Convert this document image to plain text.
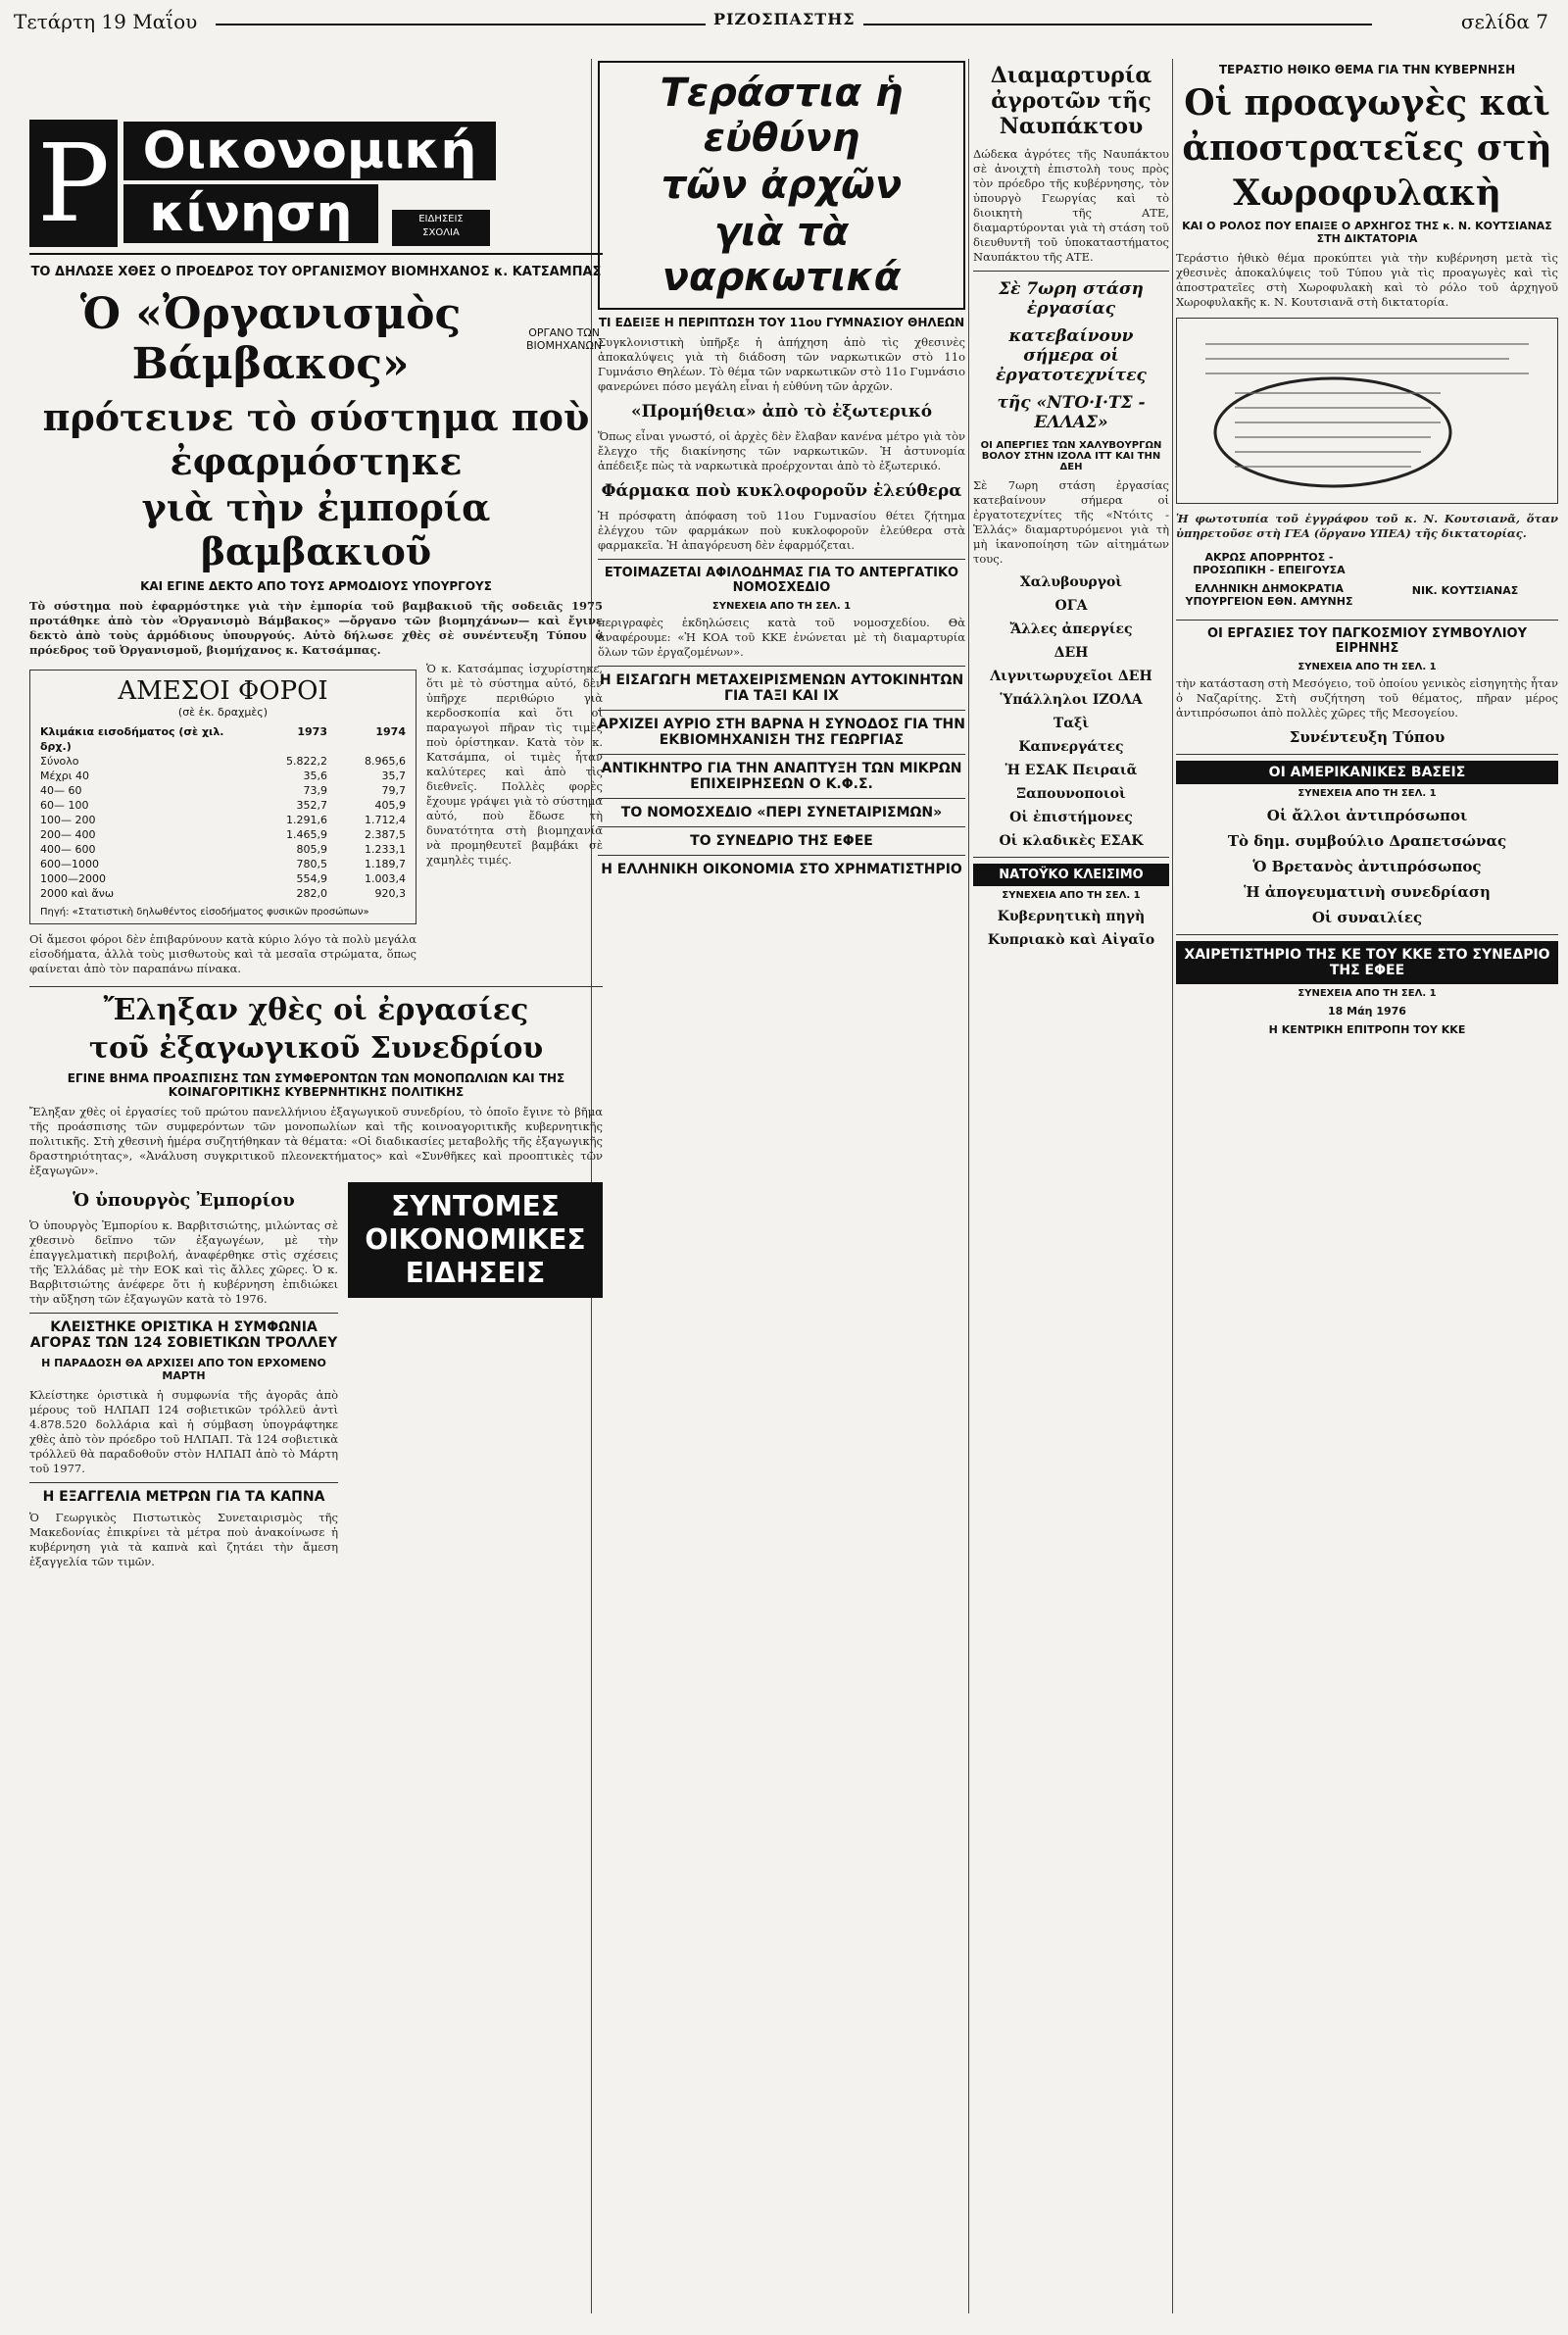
Τετάρτη 19 Μαΐου	ΡΙΖΟΣΠΑΣΤΗΣ	σελίδα 7
Ρ Οικονομική
κίνηση	ΕΙΔΗΣΕΙΣ
ΣΧΟΛΙΑ
ΤΟ ΔΗΛΩΣΕ ΧΘΕΣ Ο ΠΡΟΕΔΡΟΣ ΤΟΥ ΟΡΓΑΝΙΣΜΟΥ ΒΙΟΜΗΧΑΝΟΣ κ. ΚΑΤΣΑΜΠΑΣ
Ὁ «Ὀργανισμὸς Βάμβακος»
ΟΡΓΑΝΟ ΤΩΝ ΒΙΟΜΗΧΑΝΩΝ
πρότεινε τὸ σύστημα ποὺ ἐφαρμόστηκε
γιὰ τὴν ἐμπορία βαμβακιοῦ
ΚΑΙ ΕΓΙΝΕ ΔΕΚΤΟ ΑΠΟ ΤΟΥΣ ΑΡΜΟΔΙΟΥΣ ΥΠΟΥΡΓΟΥΣ

Τὸ σύστημα ποὺ ἐφαρμόστηκε γιὰ τὴν ἐμπορία τοῦ βαμβακιοῦ τῆς σοδειᾶς 1975 προτάθηκε ἀπὸ τὸν «Ὀργανισμὸ Βάμβακος» —ὄργανο τῶν βιομηχάνων— καὶ ἔγινε δεκτὸ ἀπὸ τοὺς ἁρμόδιους ὑπουργούς. Αὐτὸ δήλωσε χθὲς σὲ συνέντευξη Τύπου ὁ πρόεδρος τοῦ Ὀργανισμοῦ, βιομήχανος κ. Κατσάμπας.

ΑΜΕΣΟΙ ΦΟΡΟΙ
(σὲ ἑκ. δραχμὲς)
Κλιμάκια εισοδήματος (σὲ χιλ. δρχ.)
1973	1974
Σύνολο	5.822,2	8.965,6
Μέχρι 40	35,6	35,7
40— 60	73,9	79,7
60— 100	352,7	405,9
100— 200	1.291,6	1.712,4
200— 400	1.465,9	2.387,5
400— 600	805,9	1.233,1
600—1000	780,5	1.189,7
1000—2000	554,9	1.003,4
2000 καὶ ἄνω	282,0	920,3
Πηγή: «Στατιστικὴ δηλωθέντος εἰσοδήματος φυσικῶν προσώπων»

Οἱ ἄμεσοι φόροι δὲν ἐπιβαρύνουν κατὰ κύριο λόγο τὰ πολὺ μεγάλα εἰσοδήματα, ἀλλὰ τοὺς μισθωτοὺς καὶ τὰ μεσαῖα στρώματα, ὅπως φαίνεται ἀπὸ τὸν παραπάνω πίνακα.

Ὁ κ. Κατσάμπας ἰσχυρίστηκε, ὅτι μὲ τὸ σύστημα αὐτό, δὲν ὑπῆρχε περιθώριο γιὰ κερδοσκοπία καὶ ὅτι οἱ παραγωγοὶ πῆραν τὶς τιμὲς ποὺ ὁρίστηκαν. Κατὰ τὸν κ. Κατσάμπα, οἱ τιμὲς ἦταν καλύτερες καὶ ἀπὸ τὶς διεθνεῖς. Πολλὲς φορὲς ἔχουμε γράψει γιὰ τὸ σύστημα αὐτό, ποὺ ἔδωσε τὴ δυνατότητα στὴ βιομηχανία νὰ προμηθευτεῖ βαμβάκι σὲ χαμηλὲς τιμές.

Ἔληξαν χθὲς οἱ ἐργασίες
τοῦ ἐξαγωγικοῦ Συνεδρίου
ΕΓΙΝΕ ΒΗΜΑ ΠΡΟΑΣΠΙΣΗΣ ΤΩΝ ΣΥΜΦΕΡΟΝΤΩΝ ΤΩΝ ΜΟΝΟΠΩΛΙΩΝ ΚΑΙ ΤΗΣ ΚΟΙΝΑΓΟΡΙΤΙΚΗΣ ΚΥΒΕΡΝΗΤΙΚΗΣ ΠΟΛΙΤΙΚΗΣ

Ἔληξαν χθὲς οἱ ἐργασίες τοῦ πρώτου πανελλήνιου ἐξαγωγικοῦ συνεδρίου, τὸ ὁποῖο ἔγινε τὸ βῆμα τῆς προάσπισης τῶν συμφερόντων τῶν μονοπωλίων καὶ τῆς κοινοαγοριτικῆς κυβερνητικῆς πολιτικῆς. Στὴ χθεσινὴ ἡμέρα συζητήθηκαν τὰ θέματα: «Οἱ διαδικασίες μεταβολῆς τῆς ἐξαγωγικῆς δραστηριότητας», «Ἀνάλυση συγκριτικοῦ πλεονεκτήματος» καὶ «Συνθῆκες καὶ προοπτικὲς τῶν ἐξαγωγῶν».

Ὁ ὑπουργὸς Ἐμπορίου

Ὁ ὑπουργὸς Ἐμπορίου κ. Βαρβιτσιώτης, μιλώντας σὲ χθεσινὸ δεῖπνο τῶν ἐξαγωγέων, μὲ τὴν ἐπαγγελματικὴ περιβολή, ἀναφέρθηκε στὶς σχέσεις τῆς Ἑλλάδας μὲ τὴν ΕΟΚ καὶ τὶς ἄλλες χῶρες. Ὁ κ. Βαρβιτσιώτης ἀνέφερε ὅτι ἡ κυβέρνηση ἐπιδιώκει τὴν αὔξηση τῶν ἐξαγωγῶν κατὰ τὸ 1976.

ΚΛΕΙΣΤΗΚΕ ΟΡΙΣΤΙΚΑ Η ΣΥΜΦΩΝΙΑ ΑΓΟΡΑΣ ΤΩΝ 124 ΣΟΒΙΕΤΙΚΩΝ ΤΡΟΛΛΕΥ
Η ΠΑΡΑΔΟΣΗ ΘΑ ΑΡΧΙΣΕΙ ΑΠΟ ΤΟΝ ΕΡΧΟΜΕΝΟ ΜΑΡΤΗ

Κλείστηκε ὁριστικὰ ἡ συμφωνία τῆς ἀγορᾶς ἀπὸ μέρους τοῦ ΗΛΠΑΠ 124 σοβιετικῶν τρόλλεϋ ἀντὶ 4.878.520 δολλάρια καὶ ἡ σύμβαση ὑπογράφτηκε χθὲς ἀπὸ τὸν πρόεδρο τοῦ ΗΛΠΑΠ. Τὰ 124 σοβιετικὰ τρόλλεϋ θὰ παραδοθοῦν στὸν ΗΛΠΑΠ ἀπὸ τὸ Μάρτη τοῦ 1977.

Η ΕΞΑΓΓΕΛΙΑ ΜΕΤΡΩΝ ΓΙΑ ΤΑ ΚΑΠΝΑ

Ὁ Γεωργικὸς Πιστωτικὸς Συνεταιρισμὸς τῆς Μακεδονίας ἐπικρίνει τὰ μέτρα ποὺ ἀνακοίνωσε ἡ κυβέρνηση γιὰ τὰ καπνὰ καὶ ζητάει τὴν ἄμεση ἐξαγγελία τῶν τιμῶν.

ΣΥΝΤΟΜΕΣ
ΟΙΚΟΝΟΜΙΚΕΣ
ΕΙΔΗΣΕΙΣ
Τεράστια ἡ εὐθύνη
τῶν ἀρχῶν
γιὰ τὰ ναρκωτικά
ΤΙ ΕΔΕΙΞΕ Η ΠΕΡΙΠΤΩΣΗ ΤΟΥ 11ου ΓΥΜΝΑΣΙΟΥ ΘΗΛΕΩΝ

Συγκλονιστικὴ ὑπῆρξε ἡ ἀπήχηση ἀπὸ τὶς χθεσινὲς ἀποκαλύψεις γιὰ τὴ διάδοση τῶν ναρκωτικῶν στὸ 11ο Γυμνάσιο Θηλέων. Τὸ θέμα τῶν ναρκωτικῶν στὸ 11ο Γυμνάσιο φανερώνει πόσο μεγάλη εἶναι ἡ εὐθύνη τῶν ἀρχῶν.

«Προμήθεια» ἀπὸ τὸ ἐξωτερικό

Ὅπως εἶναι γνωστό, οἱ ἀρχὲς δὲν ἔλαβαν κανένα μέτρο γιὰ τὸν ἔλεγχο τῆς διακίνησης τῶν ναρκωτικῶν. Ἡ ἀστυνομία ἀπέδειξε πὼς τὰ ναρκωτικὰ προέρχονται ἀπὸ τὸ ἐξωτερικό.

Φάρμακα ποὺ κυκλοφοροῦν ἐλεύθερα

Ἡ πρόσφατη ἀπόφαση τοῦ 11ου Γυμνασίου θέτει ζήτημα ἐλέγχου τῶν φαρμάκων ποὺ κυκλοφοροῦν ἐλεύθερα στὰ φαρμακεῖα. Ἡ ἀπαγόρευση δὲν ἐφαρμόζεται.

ΕΤΟΙΜΑΖΕΤΑΙ ΑΦΙΛΟΔΗΜΑΣ ΓΙΑ ΤΟ ΑΝΤΕΡΓΑΤΙΚΟ ΝΟΜΟΣΧΕΔΙΟ
ΣΥΝΕΧΕΙΑ ΑΠΟ ΤΗ ΣΕΛ. 1

περιγραφὲς ἐκδηλώσεις κατὰ τοῦ νομοσχεδίου. Θὰ ἀναφέρουμε: «Ἡ ΚΟΑ τοῦ ΚΚΕ ἐνώνεται μὲ τὴ διαμαρτυρία ὅλων τῶν ἐργαζομένων».

Η ΕΙΣΑΓΩΓΗ ΜΕΤΑΧΕΙΡΙΣΜΕΝΩΝ ΑΥΤΟΚΙΝΗΤΩΝ ΓΙΑ ΤΑΞΙ ΚΑΙ ΙΧ
ΑΡΧΙΖΕΙ ΑΥΡΙΟ ΣΤΗ ΒΑΡΝΑ Η ΣΥΝΟΔΟΣ ΓΙΑ ΤΗΝ ΕΚΒΙΟΜΗΧΑΝΙΣΗ ΤΗΣ ΓΕΩΡΓΙΑΣ
ΑΝΤΙΚΗΝΤΡΟ ΓΙΑ ΤΗΝ ΑΝΑΠΤΥΞΗ ΤΩΝ ΜΙΚΡΩΝ ΕΠΙΧΕΙΡΗΣΕΩΝ Ο Κ.Φ.Σ.
ΤΟ ΝΟΜΟΣΧΕΔΙΟ «ΠΕΡΙ ΣΥΝΕΤΑΙΡΙΣΜΩΝ»
ΤΟ ΣΥΝΕΔΡΙΟ ΤΗΣ ΕΦΕΕ
Η ΕΛΛΗΝΙΚΗ ΟΙΚΟΝΟΜΙΑ ΣΤΟ ΧΡΗΜΑΤΙΣΤΗΡΙΟ
Διαμαρτυρία ἀγροτῶν τῆς Ναυπάκτου

Δώδεκα ἀγρότες τῆς Ναυπάκτου σὲ ἀνοιχτὴ ἐπιστολὴ τους πρὸς τὸν πρόεδρο τῆς κυβέρνησης, τὸν ὑπουργὸ Γεωργίας καὶ τὸ διοικητὴ τῆς ΑΤΕ, διαμαρτύρονται γιὰ τὴ στάση τοῦ διευθυντῆ τοῦ ὑποκαταστήματος Ναυπάκτου τῆς ΑΤΕ.

Σὲ 7ωρη στάση ἐργασίας
κατεβαίνουν σήμερα οἱ ἐργατοτεχνίτες
τῆς «ΝΤΟ·Ι·ΤΣ - ΕΛΛΑΣ»
ΟΙ ΑΠΕΡΓΙΕΣ ΤΩΝ ΧΑΛΥΒΟΥΡΓΩΝ ΒΟΛΟΥ ΣΤΗΝ ΙΖΟΛΑ ΙΤΤ ΚΑΙ ΤΗΝ ΔΕΗ

Σὲ 7ωρη στάση ἐργασίας κατεβαίνουν σήμερα οἱ ἐργατοτεχνίτες τῆς «Ντόιτς - Ἑλλάς» διαμαρτυρόμενοι γιὰ τὴ μὴ ἱκανοποίηση τῶν αἰτημάτων τους.

Χαλυβουργοὶ
ΟΓΑ
Ἄλλες ἀπεργίες
ΔΕΗ
Λιγνιτωρυχεῖοι ΔΕΗ
Ὑπάλληλοι ΙΖΟΛΑ
Ταξὶ
Καπνεργάτες
Ἡ ΕΣΑΚ Πειραιᾶ
Ξαπουνοποιοὶ
Οἱ ἐπιστήμονες
Οἱ κλαδικὲς ΕΣΑΚ
ΝΑΤΟΫΚΟ ΚΛΕΙΣΙΜΟ
ΣΥΝΕΧΕΙΑ ΑΠΟ ΤΗ ΣΕΛ. 1
Κυβερνητικὴ πηγὴ
Κυπριακὸ καὶ Αἰγαῖο
ΤΕΡΑΣΤΙΟ ΗΘΙΚΟ ΘΕΜΑ ΓΙΑ ΤΗΝ ΚΥΒΕΡΝΗΣΗ
Οἱ προαγωγὲς καὶ
ἀποστρατεῖες στὴ
Χωροφυλακὴ
ΚΑΙ Ο ΡΟΛΟΣ ΠΟΥ ΕΠΑΙΞΕ Ο ΑΡΧΗΓΟΣ ΤΗΣ κ. Ν. ΚΟΥΤΣΙΑΝΑΣ ΣΤΗ ΔΙΚΤΑΤΟΡΙΑ

Τεράστιο ἠθικὸ θέμα προκύπτει γιὰ τὴν κυβέρνηση μετὰ τὶς χθεσινὲς ἀποκαλύψεις τοῦ Τύπου γιὰ τὶς προαγωγὲς καὶ τὶς ἀποστρατεῖες στὴ Χωροφυλακὴ καὶ τὸ ρόλο τοῦ ἀρχηγοῦ Χωροφυλακῆς κ. Ν. Κουτσιανᾶ στὴ δικτατορία.

Ἡ φωτοτυπία τοῦ ἐγγράφου τοῦ κ. Ν. Κουτσιανᾶ, ὅταν ὑπηρετοῦσε στὴ ΓΕΑ (ὄργανο ΥΠΕΑ) τῆς δικτατορίας.

ΑΚΡΩΣ ΑΠΟΡΡΗΤΟΣ - ΠΡΟΣΩΠΙΚΗ - ΕΠΕΙΓΟΥΣΑ
ΕΛΛΗΝΙΚΗ ΔΗΜΟΚΡΑΤΙΑ ΥΠΟΥΡΓΕΙΟΝ ΕΘΝ. ΑΜΥΝΗΣ
ΝΙΚ. ΚΟΥΤΣΙΑΝΑΣ
ΟΙ ΕΡΓΑΣΙΕΣ ΤΟΥ ΠΑΓΚΟΣΜΙΟΥ ΣΥΜΒΟΥΛΙΟΥ ΕΙΡΗΝΗΣ
ΣΥΝΕΧΕΙΑ ΑΠΟ ΤΗ ΣΕΛ. 1

τὴν κατάσταση στὴ Μεσόγειο, τοῦ ὁποίου γενικὸς εἰσηγητὴς ἦταν ὁ Ναζαρίτης. Στὴ συζήτηση τοῦ θέματος, πῆραν μέρος ἀντιπρόσωποι ἀπὸ πολλὲς χῶρες τῆς Μεσογείου.

Συνέντευξη Τύπου
ΟΙ ΑΜΕΡΙΚΑΝΙΚΕΣ ΒΑΣΕΙΣ
ΣΥΝΕΧΕΙΑ ΑΠΟ ΤΗ ΣΕΛ. 1
Οἱ ἄλλοι ἀντιπρόσωποι
Τὸ δημ. συμβούλιο Δραπετσώνας
Ὁ Βρετανὸς ἀντιπρόσωπος
Ἡ ἀπογευματινὴ συνεδρίαση
Οἱ συναιλίες
ΧΑΙΡΕΤΙΣΤΗΡΙΟ ΤΗΣ ΚΕ ΤΟΥ ΚΚΕ ΣΤΟ ΣΥΝΕΔΡΙΟ ΤΗΣ ΕΦΕΕ
ΣΥΝΕΧΕΙΑ ΑΠΟ ΤΗ ΣΕΛ. 1
18 Μάη 1976
Η ΚΕΝΤΡΙΚΗ ΕΠΙΤΡΟΠΗ ΤΟΥ ΚΚΕ
